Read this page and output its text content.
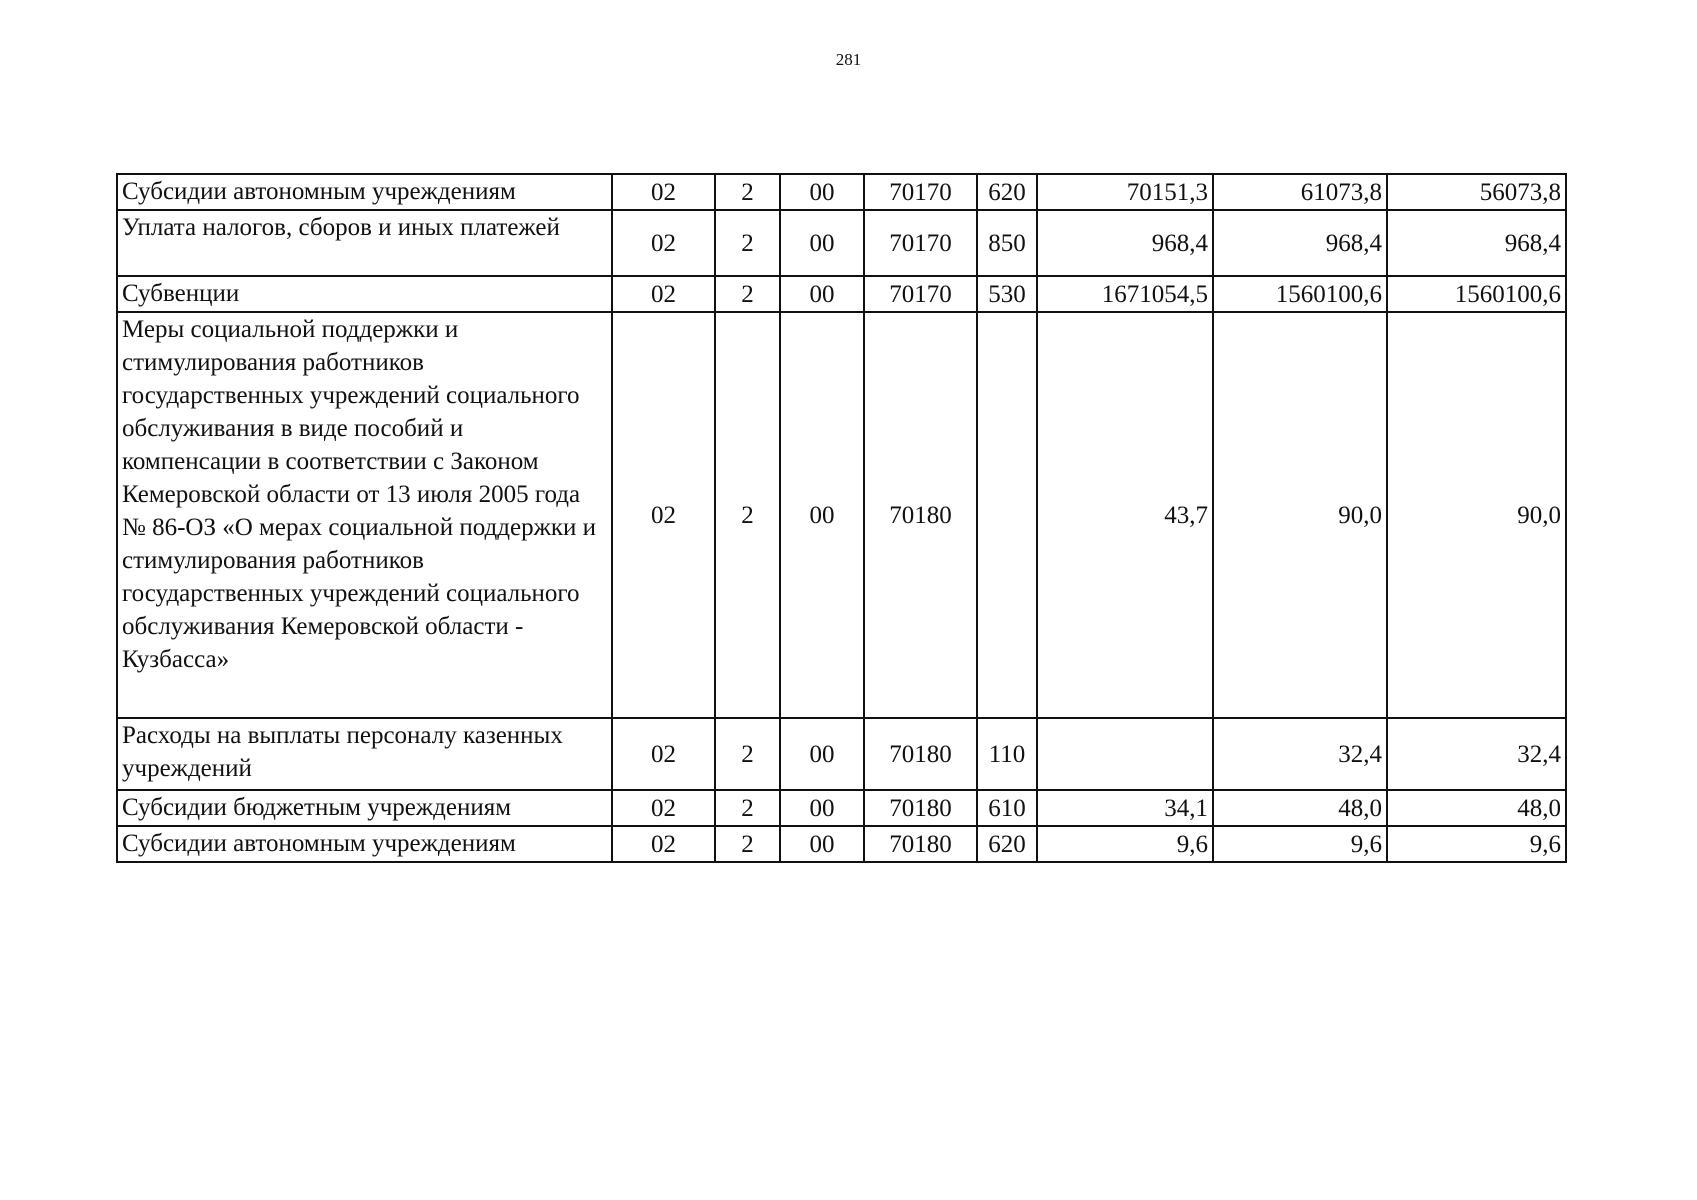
281
Субсидии автономным учреждениям	02	2	00	70170	620	70151,3	61073,8	56073,8
Уплата налогов, сборов и иных платежей	02	2	00	70170	850	968,4	968,4	968,4
Субвенции	02	2	00	70170	530	1671054,5	1560100,6	1560100,6
Меры социальной поддержки и стимулирования работников государственных учреждений социального обслуживания в виде пособий и компенсации в соответствии с Законом Кемеровской области от 13 июля 2005 года № 86-ОЗ «О мерах социальной поддержки и стимулирования работников государственных учреждений социального обслуживания Кемеровской области - Кузбасса»	02	2	00	70180		43,7	90,0	90,0
Расходы на выплаты персоналу казенных учреждений	02	2	00	70180	110		32,4	32,4
Субсидии бюджетным учреждениям	02	2	00	70180	610	34,1	48,0	48,0
Субсидии автономным учреждениям	02	2	00	70180	620	9,6	9,6	9,6
